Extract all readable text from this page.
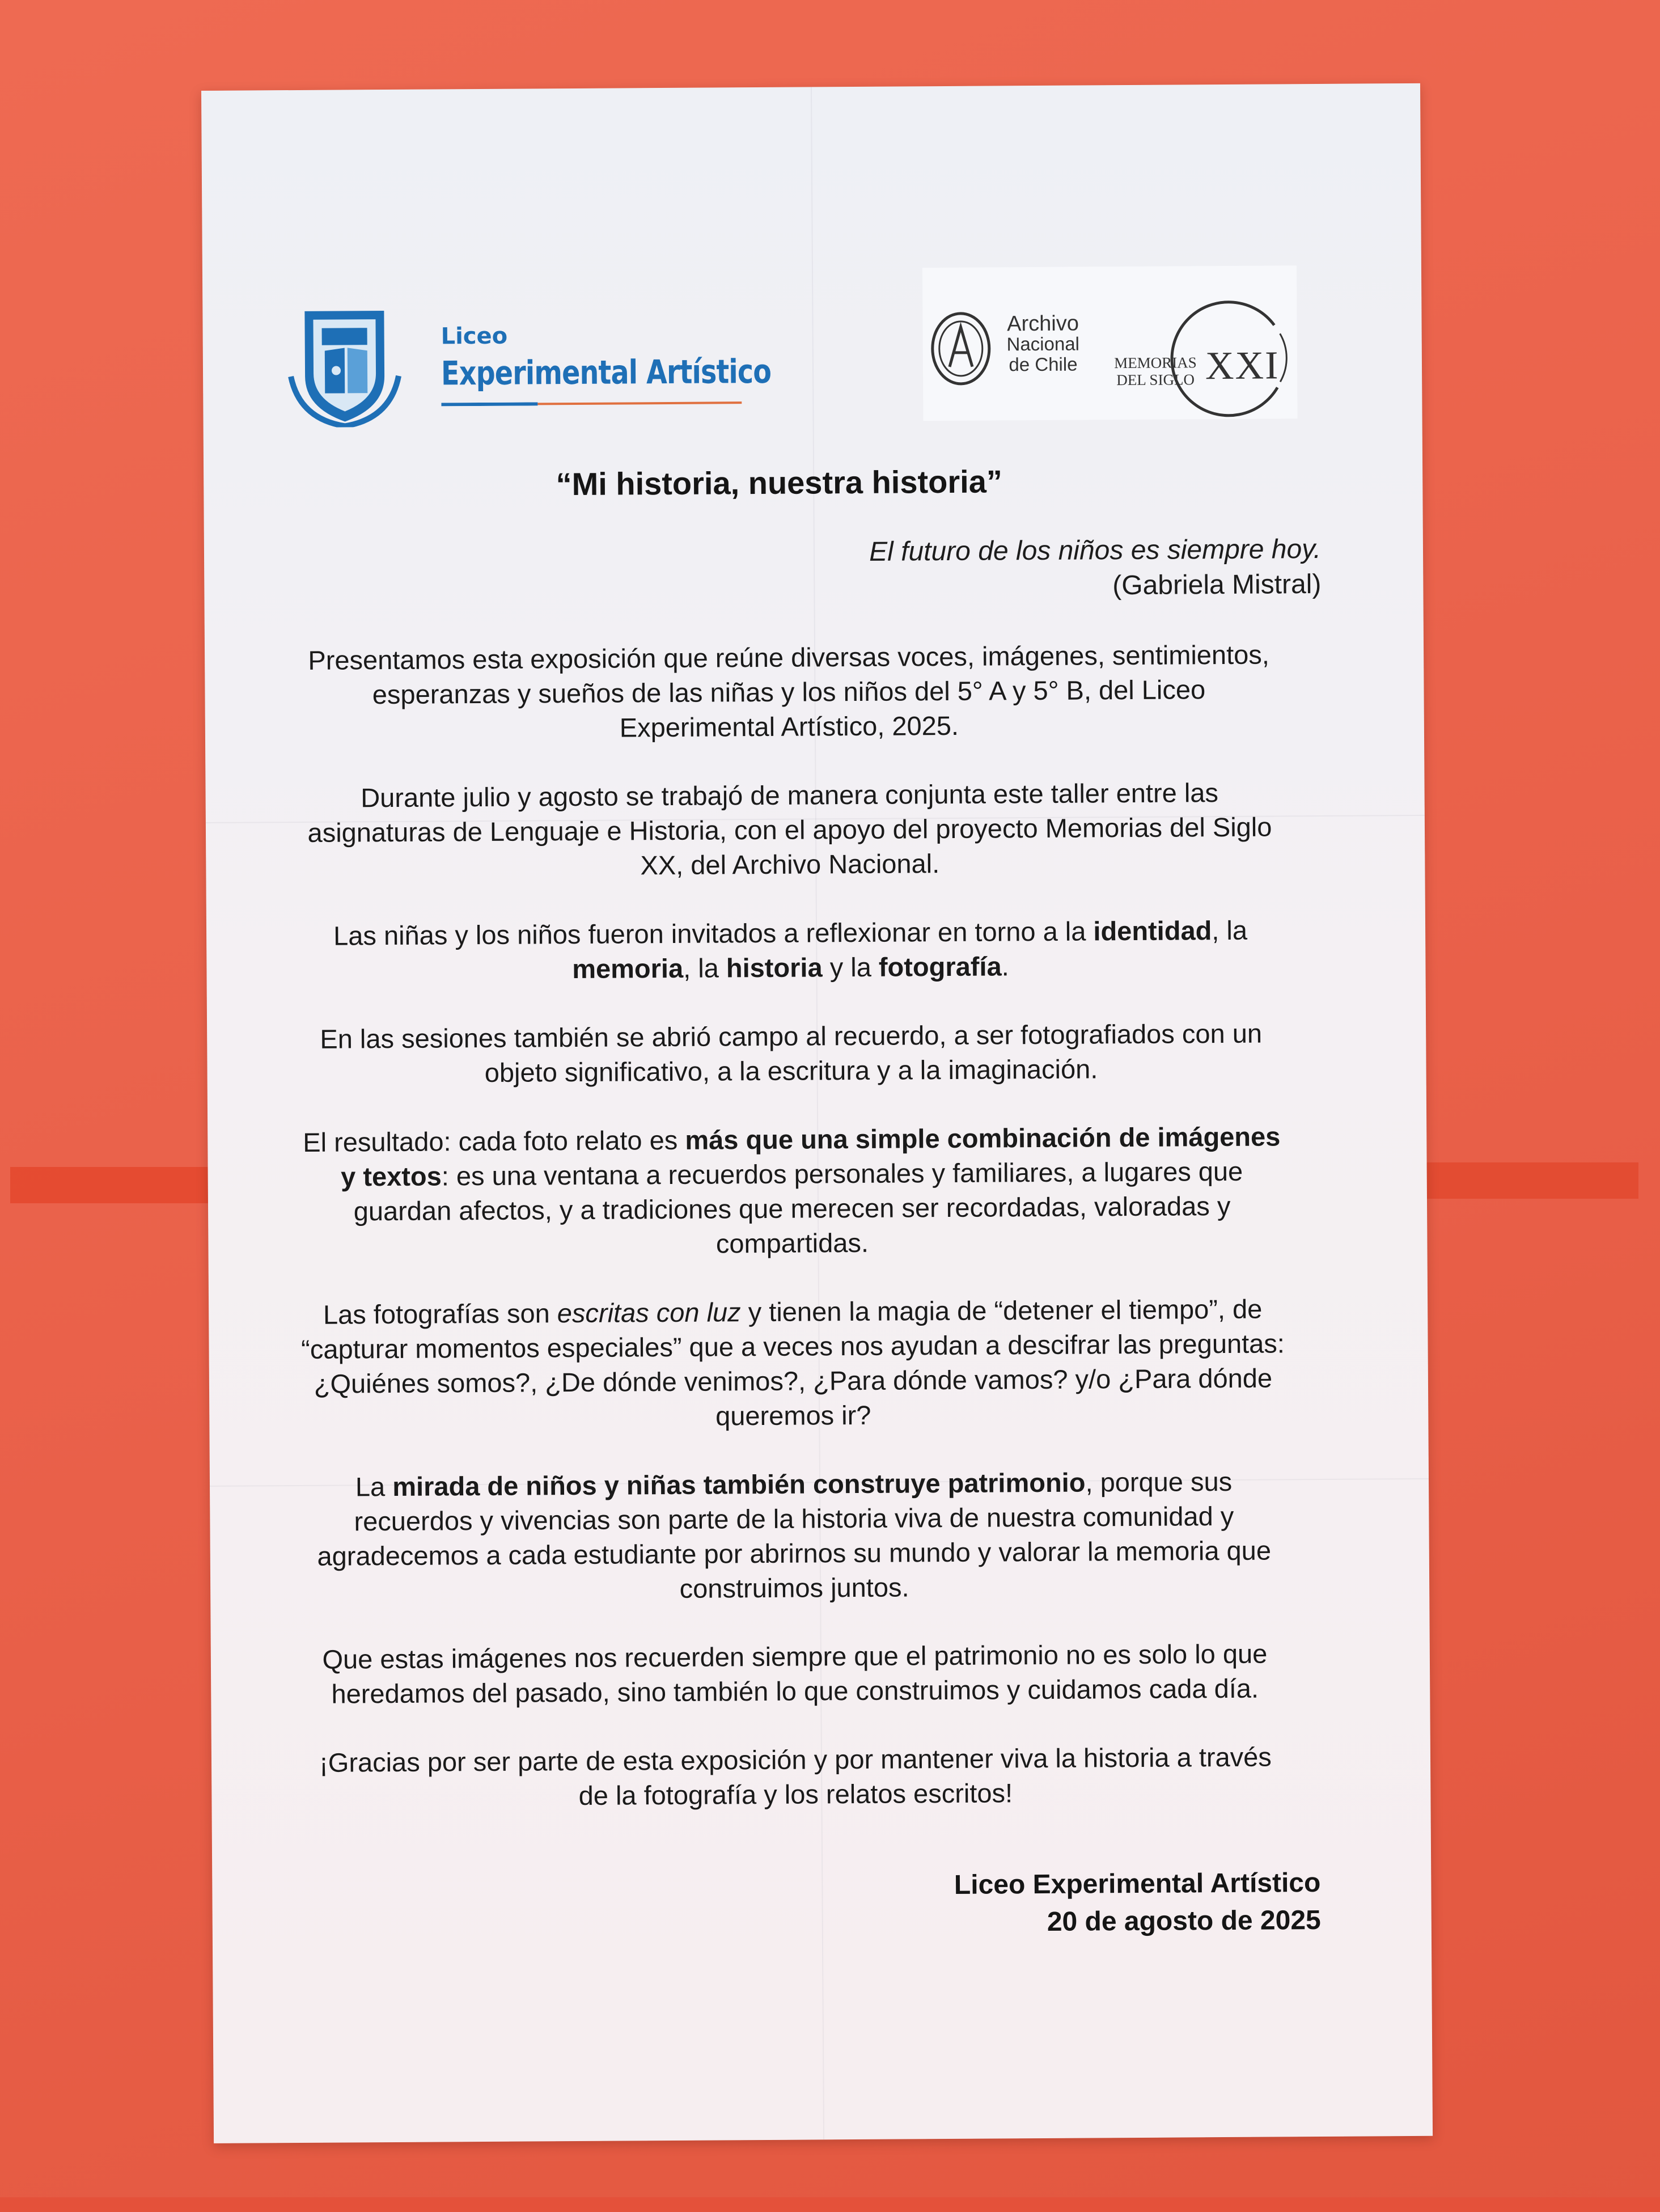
Liceo
Experimental Artístico
Archivo
Nacional
de Chile	MEMORIAS
DEL SIGLO XXI
“Mi historia, nuestra historia”
El futuro de los niños es siempre hoy.
(Gabriela Mistral)

Presentamos esta exposición que reúne diversas voces, imágenes, sentimientos, esperanzas y sueños de las niñas y los niños del 5° A y 5° B, del Liceo Experimental Artístico, 2025.

Durante julio y agosto se trabajó de manera conjunta este taller entre las asignaturas de Lenguaje e Historia, con el apoyo del proyecto Memorias del Siglo XX, del Archivo Nacional.

Las niñas y los niños fueron invitados a reflexionar en torno a la identidad, la memoria, la historia y la fotografía.

En las sesiones también se abrió campo al recuerdo, a ser fotografiados con un objeto significativo, a la escritura y a la imaginación.

El resultado: cada foto relato es más que una simple combinación de imágenes y textos: es una ventana a recuerdos personales y familiares, a lugares que guardan afectos, y a tradiciones que merecen ser recordadas, valoradas y compartidas.

Las fotografías son escritas con luz y tienen la magia de “detener el tiempo”, de “capturar momentos especiales” que a veces nos ayudan a descifrar las preguntas: ¿Quiénes somos?, ¿De dónde venimos?, ¿Para dónde vamos? y/o ¿Para dónde queremos ir?

La mirada de niños y niñas también construye patrimonio, porque sus recuerdos y vivencias son parte de la historia viva de nuestra comunidad y agradecemos a cada estudiante por abrirnos su mundo y valorar la memoria que construimos juntos.

Que estas imágenes nos recuerden siempre que el patrimonio no es solo lo que heredamos del pasado, sino también lo que construimos y cuidamos cada día.

¡Gracias por ser parte de esta exposición y por mantener viva la historia a través de la fotografía y los relatos escritos!

Liceo Experimental Artístico
20 de agosto de 2025
